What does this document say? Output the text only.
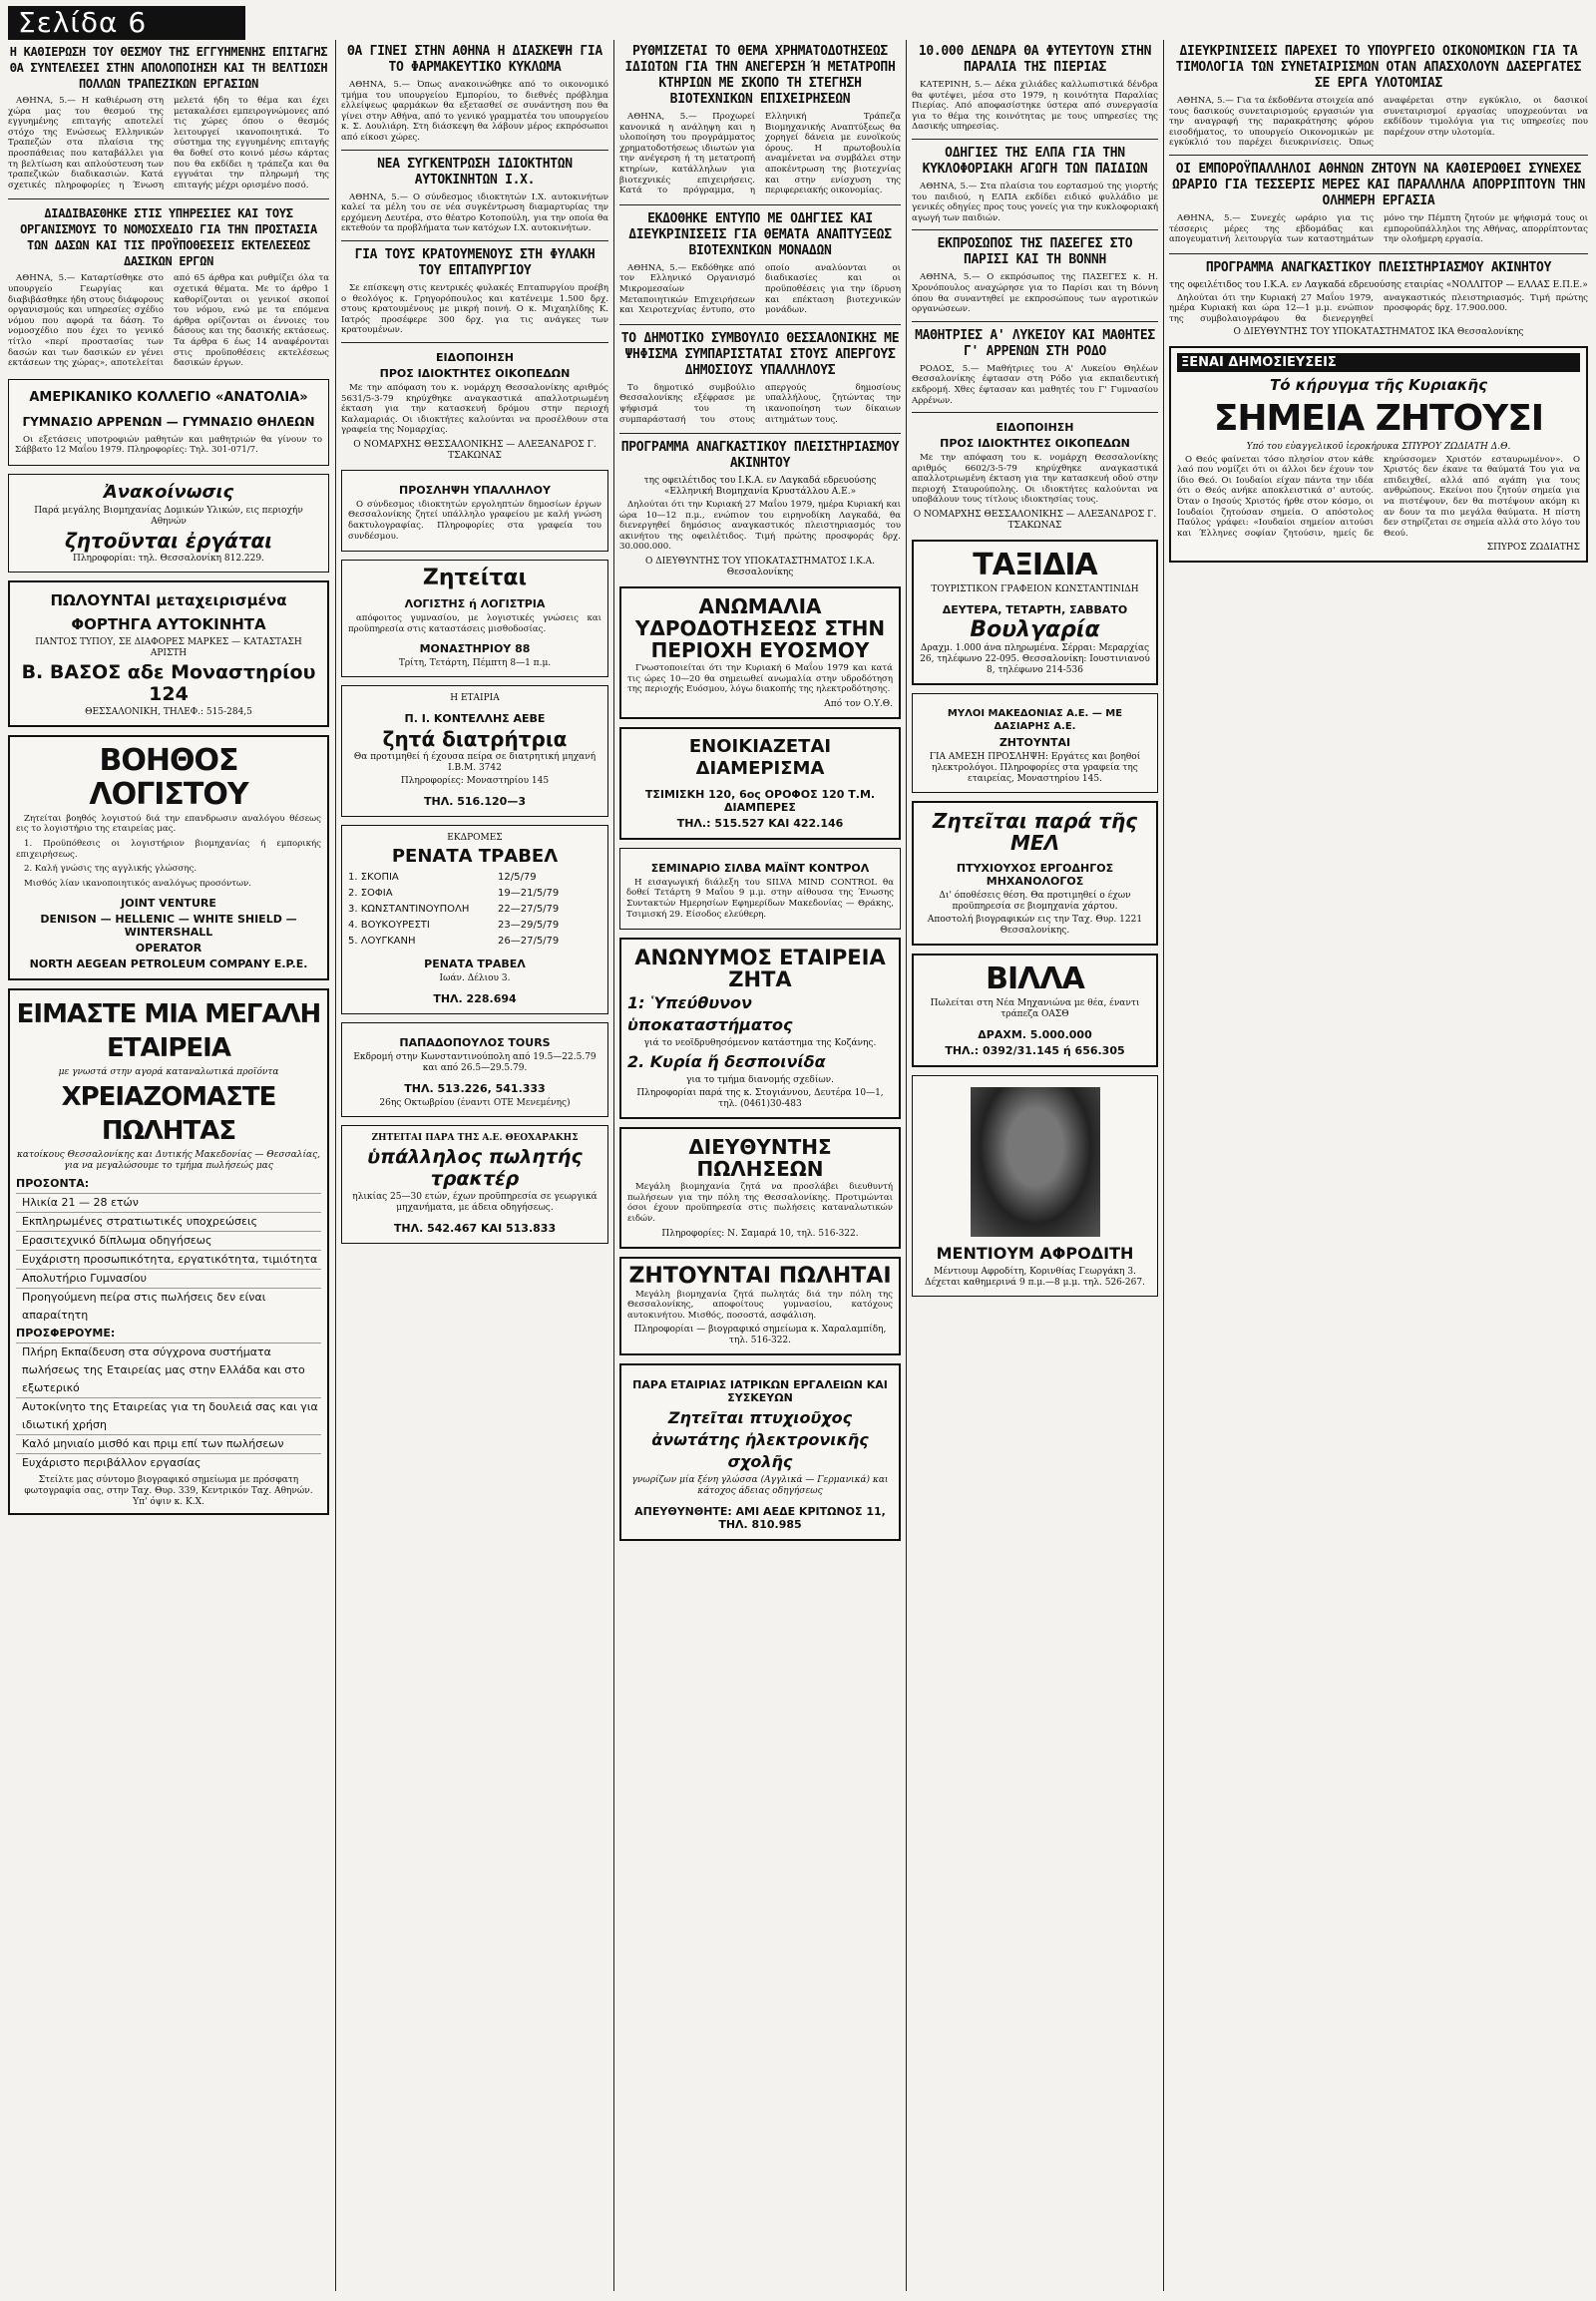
Σελίδα 6
Η ΚΑΘΙΕΡΩΣΗ ΤΟΥ ΘΕΣΜΟΥ ΤΗΣ ΕΓΓΥΗΜΕΝΗΣ ΕΠΙΤΑΓΗΣ ΘΑ ΣΥΝΤΕΛΕΣΕΙ ΣΤΗΝ ΑΠΟΛΟΠΟΙΗΣΗ ΚΑΙ ΤΗ ΒΕΛΤΙΩΣΗ ΠΟΛΛΩΝ ΤΡΑΠΕΖΙΚΩΝ ΕΡΓΑΣΙΩΝ

ΑΘΗΝΑ, 5.— Η καθιέρωση στη χώρα μας του θεσμού της εγγυημένης επιταγής αποτελεί στόχο της Ενώσεως Ελληνικών Τραπεζών στα πλαίσια της προσπάθειας που καταβάλλει για τη βελτίωση και απλούστευση των τραπεζικών διαδικασιών. Κατά σχετικές πληροφορίες η Ένωση μελετά ήδη το θέμα και έχει μετακαλέσει εμπειρογνώμονες από τις χώρες όπου ο θεσμός λειτουργεί ικανοποιητικά. Το σύστημα της εγγυημένης επιταγής θα δοθεί στο κοινό μέσω κάρτας που θα εκδίδει η τράπεζα και θα εγγυάται την πληρωμή της επιταγής μέχρι ορισμένο ποσό.

ΔΙΑΔΙΒΑΣΘΗΚΕ ΣΤΙΣ ΥΠΗΡΕΣΙΕΣ ΚΑΙ ΤΟΥΣ ΟΡΓΑΝΙΣΜΟΥΣ ΤΟ ΝΟΜΟΣΧΕΔΙΟ ΓΙΑ ΤΗΝ ΠΡΟΣΤΑΣΙΑ ΤΩΝ ΔΑΣΩΝ ΚΑΙ ΤΙΣ ΠΡΟΫΠΟΘΕΣΕΙΣ ΕΚΤΕΛΕΣΕΩΣ ΔΑΣΙΚΩΝ ΕΡΓΩΝ

ΑΘΗΝΑ, 5.— Καταρτίσθηκε στο υπουργείο Γεωργίας και διαβιβάσθηκε ήδη στους διάφορους οργανισμούς και υπηρεσίες σχέδιο νόμου που αφορά τα δάση. Το νομοσχέδιο που έχει το γενικό τίτλο «περί προστασίας των δασών και των δασικών εν γένει εκτάσεων της χώρας», αποτελείται από 65 άρθρα και ρυθμίζει όλα τα σχετικά θέματα. Με το άρθρο 1 καθορίζονται οι γενικοί σκοποί του νόμου, ενώ με τα επόμενα άρθρα ορίζονται οι έννοιες του δάσους και της δασικής εκτάσεως. Τα άρθρα 6 έως 14 αναφέρονται στις προϋποθέσεις εκτελέσεως δασικών έργων.

ΑΜΕΡΙΚΑΝΙΚΟ ΚΟΛΛΕΓΙΟ «ΑΝΑΤΟΛΙΑ»
ΓΥΜΝΑΣΙΟ ΑΡΡΕΝΩΝ — ΓΥΜΝΑΣΙΟ ΘΗΛΕΩΝ

Οι εξετάσεις υποτροφιών μαθητών και μαθητριών θα γίνουν το Σάββατο 12 Μαΐου 1979. Πληροφορίες: Τηλ. 301-071/7.

Ἀνακοίνωσις

Παρά μεγάλης Βιομηχανίας Δομικών Υλικών, εις περιοχήν Αθηνών

ζητοῦνται ἐργάται

Πληροφορίαι: τηλ. Θεσσαλονίκη 812.229.

ΠΩΛΟΥΝΤΑΙ μεταχειρισμένα
ΦΟΡΤΗΓΑ ΑΥΤΟΚΙΝΗΤΑ

ΠΑΝΤΟΣ ΤΥΠΟΥ, ΣΕ ΔΙΑΦΟΡΕΣ ΜΑΡΚΕΣ — ΚΑΤΑΣΤΑΣΗ ΑΡΙΣΤΗ

Β. ΒΑΣΟΣ αδε Μοναστηρίου 124

ΘΕΣΣΑΛΟΝΙΚΗ, ΤΗΛΕΦ.: 515-284,5

ΒΟΗΘΟΣ ΛΟΓΙΣΤΟΥ

Ζητείται βοηθός λογιστού διά την επανδρωσιν αναλόγου θέσεως εις το λογιστήριο της εταιρείας μας.

1. Προϋπόθεσις οι λογιστήριον βιομηχανίας ή εμπορικής επιχειρήσεως.

2. Καλή γνώσις της αγγλικής γλώσσης.

Μισθός λίαν ικανοποιητικός αναλόγως προσόντων.

JOINT VENTURE
DENISON — HELLENIC — WHITE SHIELD — WINTERSHALL
OPERATOR
NORTH AEGEAN PETROLEUM COMPANY E.P.E.
ΕΙΜΑΣΤΕ ΜΙΑ ΜΕΓΑΛΗ ΕΤΑΙΡΕΙΑ

με γνωστά στην αγορά καταναλωτικά προϊόντα

ΧΡΕΙΑΖΟΜΑΣΤΕ ΠΩΛΗΤΑΣ

κατοίκους Θεσσαλονίκης και Δυτικής Μακεδονίας — Θεσσαλίας, για να μεγαλώσουμε το τμήμα πωλήσεώς μας

ΠΡΟΣΟΝΤΑ:
Ηλικία 21 — 28 ετών
Εκπληρωμένες στρατιωτικές υποχρεώσεις
Ερασιτεχνικό δίπλωμα οδηγήσεως
Ευχάριστη προσωπικότητα, εργατικότητα, τιμιότητα
Απολυτήριο Γυμνασίου
Προηγούμενη πείρα στις πωλήσεις δεν είναι απαραίτητη
ΠΡΟΣΦΕΡΟΥΜΕ:
Πλήρη Εκπαίδευση στα σύγχρονα συστήματα πωλήσεως της Εταιρείας μας στην Ελλάδα και στο εξωτερικό
Αυτοκίνητο της Εταιρείας για τη δουλειά σας και για ιδιωτική χρήση
Καλό μηνιαίο μισθό και πριμ επί των πωλήσεων
Ευχάριστο περιβάλλον εργασίας

Στείλτε μας σύντομο βιογραφικό σημείωμα με πρόσφατη φωτογραφία σας, στην Ταχ. Θυρ. 339, Κεντρικόν Ταχ. Αθηνών. Υπ' όψιν κ. Κ.Χ.

ΘΑ ΓΙΝΕΙ ΣΤΗΝ ΑΘΗΝΑ Η ΔΙΑΣΚΕΨΗ ΓΙΑ ΤΟ ΦΑΡΜΑΚΕΥΤΙΚΟ ΚΥΚΛΩΜΑ

ΑΘΗΝΑ, 5.— Όπως ανακοινώθηκε από το οικονομικό τμήμα του υπουργείου Εμπορίου, το διεθνές πρόβλημα ελλείψεως φαρμάκων θα εξετασθεί σε συνάντηση που θα γίνει στην Αθήνα, από το γενικό γραμματέα του υπουργείου κ. Σ. Δουλιάρη. Στη διάσκεψη θα λάβουν μέρος εκπρόσωποι από είκοσι χώρες.

ΝΕΑ ΣΥΓΚΕΝΤΡΩΣΗ ΙΔΙΟΚΤΗΤΩΝ ΑΥΤΟΚΙΝΗΤΩΝ Ι.Χ.

ΑΘΗΝΑ, 5.— Ο σύνδεσμος ιδιοκτητών Ι.Χ. αυτοκινήτων καλεί τα μέλη του σε νέα συγκέντρωση διαμαρτυρίας την ερχόμενη Δευτέρα, στο θέατρο Κοτοπούλη, για την οποία θα εκτεθούν τα προβλήματα των κατόχων Ι.Χ. αυτοκινήτων.

ΓΙΑ ΤΟΥΣ ΚΡΑΤΟΥΜΕΝΟΥΣ ΣΤΗ ΦΥΛΑΚΗ ΤΟΥ ΕΠΤΑΠΥΡΓΙΟΥ

Σε επίσκεψη στις κεντρικές φυλακές Επταπυργίου προέβη ο θεολόγος κ. Γρηγορόπουλος και κατένειμε 1.500 δρχ. στους κρατουμένους με μικρή ποινή. Ο κ. Μιχαηλίδης Κ. Ιατρός προσέφερε 300 δρχ. για τις ανάγκες των κρατουμένων.

ΕΙΔΟΠΟΙΗΣΗ
ΠΡΟΣ ΙΔΙΟΚΤΗΤΕΣ ΟΙΚΟΠΕΔΩΝ

Με την απόφαση του κ. νομάρχη Θεσσαλονίκης αριθμός 5631/5-3-79 κηρύχθηκε αναγκαστικά απαλλοτριωμένη έκταση για την κατασκευή δρόμου στην περιοχή Καλαμαριάς. Οι ιδιοκτήτες καλούνται να προσέλθουν στα γραφεία της Νομαρχίας.

Ο ΝΟΜΑΡΧΗΣ ΘΕΣΣΑΛΟΝΙΚΗΣ — ΑΛΕΞΑΝΔΡΟΣ Γ. ΤΣΑΚΩΝΑΣ

ΠΡΟΣΛΗΨΗ ΥΠΑΛΛΗΛΟΥ

Ο σύνδεσμος ιδιοκτητών εργοληπτών δημοσίων έργων Θεσσαλονίκης ζητεί υπάλληλο γραφείου με καλή γνώση δακτυλογραφίας. Πληροφορίες στα γραφεία του συνδέσμου.

Ζητείται
ΛΟΓΙΣΤΗΣ ή ΛΟΓΙΣΤΡΙΑ

απόφοιτος γυμνασίου, με λογιστικές γνώσεις και προϋπηρεσία στις καταστάσεις μισθοδοσίας.

ΜΟΝΑΣΤΗΡΙΟΥ 88

Τρίτη, Τετάρτη, Πέμπτη 8—1 π.μ.

Η ΕΤΑΙΡΙΑ
Π. Ι. ΚΟΝΤΕΛΛΗΣ ΑΕΒΕ
ζητά διατρήτρια

Θα προτιμηθεί ή έχουσα πείρα σε διατρητική μηχανή I.B.M. 3742

Πληροφορίες: Μοναστηρίου 145

ΤΗΛ. 516.120—3
ΕΚΔΡΟΜΕΣ
ΡΕΝΑΤΑ ΤΡΑΒΕΛ
1. ΣΚΟΠΙΑ	12/5/79
2. ΣΟΦΙΑ	19—21/5/79
3. ΚΩΝΣΤΑΝΤΙΝΟΥΠΟΛΗ	22—27/5/79
4. ΒΟΥΚΟΥΡΕΣΤΙ	23—29/5/79
5. ΛΟΥΓΚΑΝΗ	26—27/5/79
ΡΕΝΑΤΑ ΤΡΑΒΕΛ

Ιωάν. Δέλιου 3.

ΤΗΛ. 228.694
ΠΑΠΑΔΟΠΟΥΛΟΣ TOURS

Εκδρομή στην Κωνσταντινούπολη από 19.5—22.5.79 και από 26.5—29.5.79.

ΤΗΛ. 513.226, 541.333

26ης Οκτωβρίου (έναντι ΟΤΕ Μενεμένης)

ΖΗΤΕΙΤΑΙ ΠΑΡΑ ΤΗΣ Α.Ε. ΘΕΟΧΑΡΑΚΗΣ
ὑπάλληλος πωλητής τρακτέρ

ηλικίας 25—30 ετών, έχων προϋπηρεσία σε γεωργικά μηχανήματα, με άδεια οδηγήσεως.

ΤΗΛ. 542.467 ΚΑΙ 513.833
ΡΥΘΜΙΖΕΤΑΙ ΤΟ ΘΕΜΑ ΧΡΗΜΑΤΟΔΟΤΗΣΕΩΣ ΙΔΙΩΤΩΝ ΓΙΑ ΤΗΝ ΑΝΕΓΕΡΣΗ Ή ΜΕΤΑΤΡΟΠΗ ΚΤΗΡΙΩΝ ΜΕ ΣΚΟΠΟ ΤΗ ΣΤΕΓΗΣΗ ΒΙΟΤΕΧΝΙΚΩΝ ΕΠΙΧΕΙΡΗΣΕΩΝ

ΑΘΗΝΑ, 5.— Προχωρεί κανονικά η ανάληψη και η υλοποίηση του προγράμματος χρηματοδοτήσεως ιδιωτών για την ανέγερση ή τη μετατροπή κτηρίων, κατάλληλων για βιοτεχνικές επιχειρήσεις. Κατά το πρόγραμμα, η Ελληνική Τράπεζα Βιομηχανικής Αναπτύξεως θα χορηγεί δάνεια με ευνοϊκούς όρους. Η πρωτοβουλία αναμένεται να συμβάλει στην αποκέντρωση της βιοτεχνίας και στην ενίσχυση της περιφερειακής οικονομίας.

ΕΚΔΟΘΗΚΕ ΕΝΤΥΠΟ ΜΕ ΟΔΗΓΙΕΣ ΚΑΙ ΔΙΕΥΚΡΙΝΙΣΕΙΣ ΓΙΑ ΘΕΜΑΤΑ ΑΝΑΠΤΥΞΕΩΣ ΒΙΟΤΕΧΝΙΚΩΝ ΜΟΝΑΔΩΝ

ΑΘΗΝΑ, 5.— Εκδόθηκε από τον Ελληνικό Οργανισμό Μικρομεσαίων Μεταποιητικών Επιχειρήσεων και Χειροτεχνίας έντυπο, στο οποίο αναλύονται οι διαδικασίες και οι προϋποθέσεις για την ίδρυση και επέκταση βιοτεχνικών μονάδων.

ΤΟ ΔΗΜΟΤΙΚΟ ΣΥΜΒΟΥΛΙΟ ΘΕΣΣΑΛΟΝΙΚΗΣ ΜΕ ΨΗΦΙΣΜΑ ΣΥΜΠΑΡΙΣΤΑΤΑΙ ΣΤΟΥΣ ΑΠΕΡΓΟΥΣ ΔΗΜΟΣΙΟΥΣ ΥΠΑΛΛΗΛΟΥΣ

Το δημοτικό συμβούλιο Θεσσαλονίκης εξέφρασε με ψήφισμά του τη συμπαράστασή του στους απεργούς δημοσίους υπαλλήλους, ζητώντας την ικανοποίηση των δίκαιων αιτημάτων τους.

ΠΡΟΓΡΑΜΜΑ ΑΝΑΓΚΑΣΤΙΚΟΥ ΠΛΕΙΣΤΗΡΙΑΣΜΟΥ ΑΚΙΝΗΤΟΥ

της οφειλέτιδος του Ι.Κ.Α. εν Λαγκαδά εδρευούσης «Ελληνική Βιομηχανία Κρυστάλλου Α.Ε.»

Δηλούται ότι την Κυριακή 27 Μαΐου 1979, ημέρα Κυριακή και ώρα 10—12 π.μ., ενώπιον του ειρηνοδίκη Λαγκαδά, θα διενεργηθεί δημόσιος αναγκαστικός πλειστηριασμός του ακινήτου της οφειλέτιδος. Τιμή πρώτης προσφοράς δρχ. 30.000.000.

Ο ΔΙΕΥΘΥΝΤΗΣ ΤΟΥ ΥΠΟΚΑΤΑΣΤΗΜΑΤΟΣ Ι.Κ.Α. Θεσσαλονίκης

ΑΝΩΜΑΛΙΑ ΥΔΡΟΔΟΤΗΣΕΩΣ ΣΤΗΝ ΠΕΡΙΟΧΗ ΕΥΟΣΜΟΥ

Γνωστοποιείται ότι την Κυριακή 6 Μαΐου 1979 και κατά τις ώρες 10—20 θα σημειωθεί ανωμαλία στην υδροδότηση της περιοχής Ευόσμου, λόγω διακοπής της ηλεκτροδότησης.

Από τον Ο.Υ.Θ.

ΕΝΟΙΚΙΑΖΕΤΑΙ ΔΙΑΜΕΡΙΣΜΑ
ΤΣΙΜΙΣΚΗ 120, 6ος ΟΡΟΦΟΣ 120 Τ.Μ. ΔΙΑΜΠΕΡΕΣ
ΤΗΛ.: 515.527 ΚΑΙ 422.146
ΣΕΜΙΝΑΡΙΟ ΣΙΛΒΑ ΜΑΪΝΤ ΚΟΝΤΡΟΛ

Η εισαγωγική διάλεξη του SILVA MIND CONTROL θα δοθεί Τετάρτη 9 Μαΐου 9 μ.μ. στην αίθουσα της Ένωσης Συντακτών Ημερησίων Εφημερίδων Μακεδονίας — Θράκης, Τσιμισκή 29. Είσοδος ελεύθερη.

ΑΝΩΝΥΜΟΣ ΕΤΑΙΡΕΙΑ ΖΗΤΑ
1: Ὑπεύθυνον ὑποκαταστήματος

γιά το νεοϊδρυθησόμενον κατάστημα της Κοζάνης.

2. Κυρία ἤ δεσποινίδα

για το τμήμα διανομής σχεδίων.

Πληροφορίαι παρά της κ. Στογιάννου, Δευτέρα 10—1, τηλ. (0461)30-483

ΔΙΕΥΘΥΝΤΗΣ ΠΩΛΗΣΕΩΝ

Μεγάλη βιομηχανία ζητά να προσλάβει διευθυντή πωλήσεων για την πόλη της Θεσσαλονίκης. Προτιμώνται όσοι έχουν προϋπηρεσία στις πωλήσεις καταναλωτικών ειδών.

Πληροφορίες: Ν. Σαμαρά 10, τηλ. 516-322.

ΖΗΤΟΥΝΤΑΙ ΠΩΛΗΤΑΙ

Μεγάλη βιομηχανία ζητά πωλητάς διά την πόλη της Θεσσαλονίκης, αποφοίτους γυμνασίου, κατόχους αυτοκινήτου. Μισθός, ποσοστά, ασφάλιση.

Πληροφορίαι — βιογραφικό σημείωμα κ. Χαραλαμπίδη, τηλ. 516-322.

ΠΑΡΑ ΕΤΑΙΡΙΑΣ ΙΑΤΡΙΚΩΝ ΕΡΓΑΛΕΙΩΝ ΚΑΙ ΣΥΣΚΕΥΩΝ
Ζητεῖται πτυχιοῦχος ἀνωτάτης ἠλεκτρονικῆς σχολῆς

γνωρίζων μία ξένη γλώσσα (Αγγλικά — Γερμανικά) και κάτοχος άδειας οδηγήσεως

ΑΠΕΥΘΥΝΘΗΤΕ: ΑΜΙ ΑΕΔΕ ΚΡΙΤΩΝΟΣ 11, ΤΗΛ. 810.985
10.000 ΔΕΝΔΡΑ ΘΑ ΦΥΤΕΥΤΟΥΝ ΣΤΗΝ ΠΑΡΑΛΙΑ ΤΗΣ ΠΙΕΡΙΑΣ

ΚΑΤΕΡΙΝΗ, 5.— Δέκα χιλιάδες καλλωπιστικά δένδρα θα φυτέψει, μέσα στο 1979, η κοινότητα Παραλίας Πιερίας. Από αποφασίστηκε ύστερα από συνεργασία για το θέμα της κοινότητας με τους υπηρεσίες της Δασικής υπηρεσίας.

ΟΔΗΓΙΕΣ ΤΗΣ ΕΛΠΑ ΓΙΑ ΤΗΝ ΚΥΚΛΟΦΟΡΙΑΚΗ ΑΓΩΓΗ ΤΩΝ ΠΑΙΔΙΩΝ

ΑΘΗΝΑ, 5.— Στα πλαίσια του εορτασμού της γιορτής του παιδιού, η ΕΛΠΑ εκδίδει ειδικό φυλλάδιο με γενικές οδηγίες προς τους γονείς για την κυκλοφοριακή αγωγή των παιδιών.

ΕΚΠΡΟΣΩΠΟΣ ΤΗΣ ΠΑΣΕΓΕΣ ΣΤΟ ΠΑΡΙΣΙ ΚΑΙ ΤΗ ΒΟΝΝΗ

ΑΘΗΝΑ, 5.— Ο εκπρόσωπος της ΠΑΣΕΓΕΣ κ. Η. Χρονόπουλος αναχώρησε για το Παρίσι και τη Βόννη όπου θα συναντηθεί με εκπροσώπους των αγροτικών οργανώσεων.

ΜΑΘΗΤΡΙΕΣ Α' ΛΥΚΕΙΟΥ ΚΑΙ ΜΑΘΗΤΕΣ Γ' ΑΡΡΕΝΩΝ ΣΤΗ ΡΟΔΟ

ΡΟΔΟΣ, 5.— Μαθήτριες του Α' Λυκείου Θηλέων Θεσσαλονίκης έφτασαν στη Ρόδο για εκπαιδευτική εκδρομή. Χθες έφτασαν και μαθητές του Γ' Γυμνασίου Αρρένων.

ΕΙΔΟΠΟΙΗΣΗ
ΠΡΟΣ ΙΔΙΟΚΤΗΤΕΣ ΟΙΚΟΠΕΔΩΝ

Με την απόφαση του κ. νομάρχη Θεσσαλονίκης αριθμός 6602/3-5-79 κηρύχθηκε αναγκαστικά απαλλοτριωμένη έκταση για την κατασκευή οδού στην περιοχή Σταυρούπολης. Οι ιδιοκτήτες καλούνται να υποβάλουν τους τίτλους ιδιοκτησίας τους.

Ο ΝΟΜΑΡΧΗΣ ΘΕΣΣΑΛΟΝΙΚΗΣ — ΑΛΕΞΑΝΔΡΟΣ Γ. ΤΣΑΚΩΝΑΣ

ΤΑΞΙΔΙΑ

ΤΟΥΡΙΣΤΙΚΟΝ ΓΡΑΦΕΙΟΝ ΚΩΝΣΤΑΝΤΙΝΙΔΗ

ΔΕΥΤΕΡΑ, ΤΕΤΑΡΤΗ, ΣΑΒΒΑΤΟ
Βουλγαρία

Δραχμ. 1.000 άνα πληρωμένα. Σέρραι: Μεραρχίας 26, τηλέφωνο 22-095. Θεσσαλονίκη: Ιουστινιανού 8, τηλέφωνο 214-536

ΜΥΛΟΙ ΜΑΚΕΔΟΝΙΑΣ Α.Ε. — ΜΕ ΔΑΣΙΑΡΗΣ Α.Ε.
ΖΗΤΟΥΝΤΑΙ

ΓΙΑ ΑΜΕΣΗ ΠΡΟΣΛΗΨΗ: Εργάτες και βοηθοί ηλεκτρολόγοι. Πληροφορίες στα γραφεία της εταιρείας, Μοναστηρίου 145.

Ζητεῖται παρά τῆς ΜΕΛ
ΠΤΥΧΙΟΥΧΟΣ ΕΡΓΟΔΗΓΟΣ ΜΗΧΑΝΟΛΟΓΟΣ

Δι' όποθέσεις θέση. Θα προτιμηθεί ο έχων προϋπηρεσία σε βιομηχανία χάρτου.

Αποστολή βιογραφικών εις την Ταχ. Θυρ. 1221 Θεσσαλονίκης.

ΒΙΛΛΑ

Πωλείται στη Νέα Μηχανιώνα με θέα, έναντι τράπεζα ΟΑΣΘ

ΔΡΑΧΜ. 5.000.000
ΤΗΛ.: 0392/31.145 ή 656.305
ΜΕΝΤΙΟΥΜ ΑΦΡΟΔΙΤΗ

Μέντιουμ Αφροδίτη, Κορινθίας Γεωργάκη 3. Δέχεται καθημερινά 9 π.μ.—8 μ.μ. τηλ. 526-267.

ΔΙΕΥΚΡΙΝΙΣΕΙΣ ΠΑΡΕΧΕΙ ΤΟ ΥΠΟΥΡΓΕΙΟ ΟΙΚΟΝΟΜΙΚΩΝ ΓΙΑ ΤΑ ΤΙΜΟΛΟΓΙΑ ΤΩΝ ΣΥΝΕΤΑΙΡΙΣΜΩΝ ΟΤΑΝ ΑΠΑΣΧΟΛΟΥΝ ΔΑΣΕΡΓΑΤΕΣ ΣΕ ΕΡΓΑ ΥΛΟΤΟΜΙΑΣ

ΑΘΗΝΑ, 5.— Για τα έκδοθέντα στοιχεία από τους δασικούς συνεταιρισμούς εργασιών για την αναγραφή της παρακράτησης φόρου εισοδήματος, το υπουργείο Οικονομικών με εγκύκλιό του παρέχει διευκρινίσεις. Όπως αναφέρεται στην εγκύκλιο, οι δασικοί συνεταιρισμοί εργασίας υποχρεούνται να εκδίδουν τιμολόγια για τις υπηρεσίες που παρέχουν στην υλοτομία.

ΟΙ ΕΜΠΟΡΟΫΠΑΛΛΗΛΟΙ ΑΘΗΝΩΝ ΖΗΤΟΥΝ ΝΑ ΚΑΘΙΕΡΩΘΕΙ ΣΥΝΕΧΕΣ ΩΡΑΡΙΟ ΓΙΑ ΤΕΣΣΕΡΙΣ ΜΕΡΕΣ ΚΑΙ ΠΑΡΑΛΛΗΛΑ ΑΠΟΡΡΙΠΤΟΥΝ ΤΗΝ ΟΛΗΜΕΡΗ ΕΡΓΑΣΙΑ

ΑΘΗΝΑ, 5.— Συνεχές ωράριο για τις τέσσερις μέρες της εβδομάδας και απογευματινή λειτουργία των καταστημάτων μόνο την Πέμπτη ζητούν με ψήφισμά τους οι εμποροϋπάλληλοι της Αθήνας, απορρίπτοντας την ολοήμερη εργασία.

ΠΡΟΓΡΑΜΜΑ ΑΝΑΓΚΑΣΤΙΚΟΥ ΠΛΕΙΣΤΗΡΙΑΣΜΟΥ ΑΚΙΝΗΤΟΥ

της οφειλέτιδος του Ι.Κ.Α. εν Λαγκαδά εδρευούσης εταιρίας «ΝΟΛΛΙΤΟΡ — ΕΛΛΑΣ Ε.Π.Ε.»

Δηλούται ότι την Κυριακή 27 Μαΐου 1979, ημέρα Κυριακή και ώρα 12—1 μ.μ. ενώπιον της συμβολαιογράφου θα διενεργηθεί αναγκαστικός πλειστηριασμός. Τιμή πρώτης προσφοράς δρχ. 17.900.000.

Ο ΔΙΕΥΘΥΝΤΗΣ ΤΟΥ ΥΠΟΚΑΤΑΣΤΗΜΑΤΟΣ ΙΚΑ Θεσσαλονίκης

ΞΕΝΑΙ ΔΗΜΟΣΙΕΥΣΕΙΣ
Τό κήρυγμα τῆς Κυριακῆς
ΣΗΜΕΙΑ ΖΗΤΟΥΣΙ

Υπό του εὐαγγελικοῦ ἱεροκήρυκα ΣΠΥΡΟΥ ΖΩΔΙΑΤΗ Δ.Θ.

Ο Θεός φαίνεται τόσο πλησίον στον κάθε λαό που νομίζει ότι οι άλλοι δεν έχουν τον ίδιο Θεό. Οι Ιουδαίοι είχαν πάντα την ιδέα ότι ο Θεός ανήκε αποκλειστικά σ' αυτούς. Όταν ο Ιησούς Χριστός ήρθε στον κόσμο, οι Ιουδαίοι ζητούσαν σημεία. Ο απόστολος Παύλος γράφει: «Ιουδαίοι σημείον αιτούσι και Έλληνες σοφίαν ζητούσιν, ημείς δε κηρύσσομεν Χριστόν εσταυρωμένον». Ο Χριστός δεν έκανε τα θαύματά Του για να επιδειχθεί, αλλά από αγάπη για τους ανθρώπους. Εκείνοι που ζητούν σημεία για να πιστέψουν, δεν θα πιστέψουν ακόμη κι αν δουν τα πιο μεγάλα θαύματα. Η πίστη δεν στηρίζεται σε σημεία αλλά στο λόγο του Θεού.

ΣΠΥΡΟΣ ΖΩΔΙΑΤΗΣ
